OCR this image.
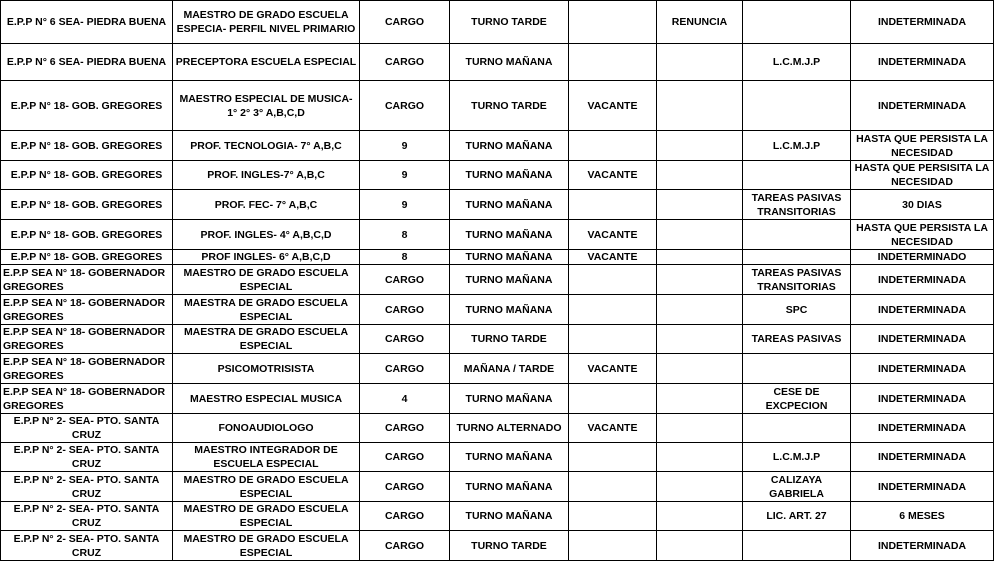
E.P.P N° 6 SEA- PIEDRA BUENA	MAESTRO DE GRADO ESCUELA ESPECIA- PERFIL NIVEL PRIMARIO	CARGO	TURNO TARDE		RENUNCIA		INDETERMINADA

E.P.P N° 6 SEA- PIEDRA BUENA	PRECEPTORA ESCUELA ESPECIAL	CARGO	TURNO MAÑANA			L.C.M.J.P	INDETERMINADA

E.P.P N° 18- GOB. GREGORES	MAESTRO ESPECIAL DE MUSICA- 1° 2° 3° A,B,C,D	CARGO	TURNO TARDE	VACANTE			INDETERMINADA

E.P.P N° 18- GOB. GREGORES	PROF. TECNOLOGIA- 7° A,B,C	9	TURNO MAÑANA			L.C.M.J.P	HASTA QUE PERSISTA LA NECESIDAD

E.P.P N° 18- GOB. GREGORES	PROF. INGLES-7° A,B,C	9	TURNO MAÑANA	VACANTE			HASTA QUE PERSISITA LA NECESIDAD

E.P.P N° 18- GOB. GREGORES	PROF. FEC- 7° A,B,C	9	TURNO MAÑANA			TAREAS PASIVAS TRANSITORIAS	30 DIAS

E.P.P N° 18- GOB. GREGORES	PROF. INGLES- 4° A,B,C,D	8	TURNO MAÑANA	VACANTE			HASTA QUE PERSISTA LA NECESIDAD

E.P.P N° 18- GOB. GREGORES	PROF INGLES- 6° A,B,C,D	8	TURNO MAÑANA	VACANTE			INDETERMINADO

E.P.P SEA N° 18- GOBERNADOR GREGORES	MAESTRO DE GRADO ESCUELA ESPECIAL	CARGO	TURNO MAÑANA			TAREAS PASIVAS TRANSITORIAS	INDETERMINADA

E.P.P SEA N° 18- GOBERNADOR GREGORES	MAESTRA DE GRADO ESCUELA ESPECIAL	CARGO	TURNO MAÑANA			SPC	INDETERMINADA

E.P.P SEA N° 18- GOBERNADOR GREGORES	MAESTRA DE GRADO ESCUELA ESPECIAL	CARGO	TURNO TARDE			TAREAS PASIVAS	INDETERMINADA

E.P.P SEA N° 18- GOBERNADOR GREGORES	PSICOMOTRISISTA	CARGO	MAÑANA / TARDE	VACANTE			INDETERMINADA

E.P.P SEA N° 18- GOBERNADOR GREGORES	MAESTRO ESPECIAL MUSICA	4	TURNO MAÑANA			CESE DE EXCPECION	INDETERMINADA

E.P.P N° 2- SEA- PTO. SANTA CRUZ	FONOAUDIOLOGO	CARGO	TURNO ALTERNADO	VACANTE			INDETERMINADA

E.P.P N° 2- SEA- PTO. SANTA CRUZ	MAESTRO INTEGRADOR DE ESCUELA ESPECIAL	CARGO	TURNO MAÑANA			L.C.M.J.P	INDETERMINADA

E.P.P N° 2- SEA- PTO. SANTA CRUZ	MAESTRO DE GRADO ESCUELA ESPECIAL	CARGO	TURNO MAÑANA			CALIZAYA GABRIELA	INDETERMINADA

E.P.P N° 2- SEA- PTO. SANTA CRUZ	MAESTRO DE GRADO ESCUELA ESPECIAL	CARGO	TURNO MAÑANA			LIC. ART. 27	6 MESES

E.P.P N° 2- SEA- PTO. SANTA CRUZ	MAESTRO DE GRADO ESCUELA ESPECIAL	CARGO	TURNO TARDE				INDETERMINADA
